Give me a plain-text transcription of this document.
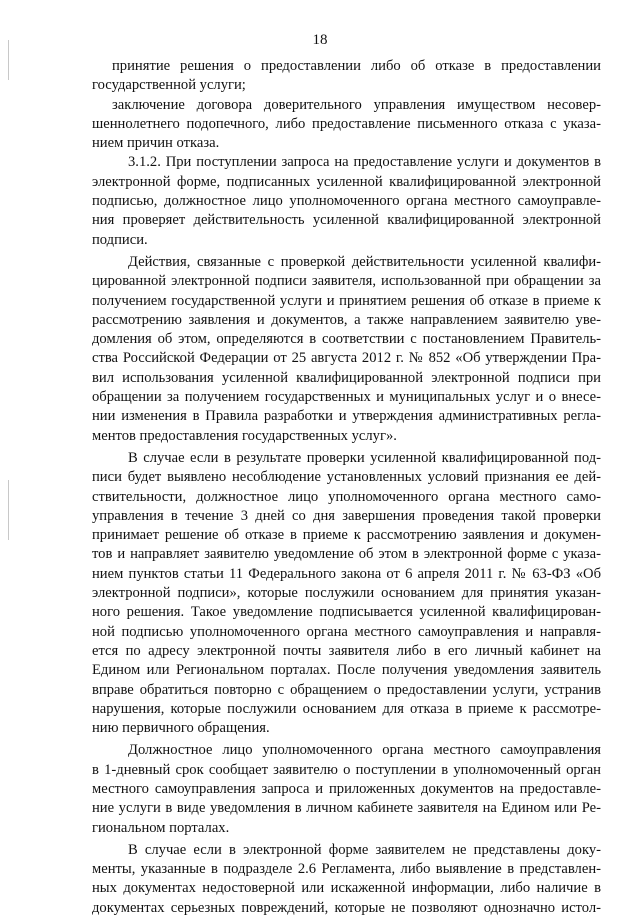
18
принятие решения о предоставлении либо об отказе в предоставлении
государственной услуги;
заключение договора доверительного управления имуществом несовер-
шеннолетнего подопечного, либо предоставление письменного отказа с указа-
нием причин отказа.
3.1.2. При поступлении запроса на предоставление услуги и документов в
электронной форме, подписанных усиленной квалифицированной электронной
подписью, должностное лицо уполномоченного органа местного самоуправле-
ния проверяет действительность усиленной квалифицированной электронной
подписи.
Действия, связанные с проверкой действительности усиленной квалифи-
цированной электронной подписи заявителя, использованной при обращении за
получением государственной услуги и принятием решения об отказе в приеме к
рассмотрению заявления и документов, а также направлением заявителю уве-
домления об этом, определяются в соответствии с постановлением Правитель-
ства Российской Федерации от 25 августа 2012 г. № 852 «Об утверждении Пра-
вил использования усиленной квалифицированной электронной подписи при
обращении за получением государственных и муниципальных услуг и о внесе-
нии изменения в Правила разработки и утверждения административных регла-
ментов предоставления государственных услуг».
В случае если в результате проверки усиленной квалифицированной под-
писи будет выявлено несоблюдение установленных условий признания ее дей-
ствительности, должностное лицо уполномоченного органа местного само-
управления в течение 3 дней со дня завершения проведения такой проверки
принимает решение об отказе в приеме к рассмотрению заявления и докумен-
тов и направляет заявителю уведомление об этом в электронной форме с указа-
нием пунктов статьи 11 Федерального закона от 6 апреля 2011 г. № 63-ФЗ «Об
электронной подписи», которые послужили основанием для принятия указан-
ного решения. Такое уведомление подписывается усиленной квалифицирован-
ной подписью уполномоченного органа местного самоуправления и направля-
ется по адресу электронной почты заявителя либо в его личный кабинет на
Едином или Региональном порталах. После получения уведомления заявитель
вправе обратиться повторно с обращением о предоставлении услуги, устранив
нарушения, которые послужили основанием для отказа в приеме к рассмотре-
нию первичного обращения.
Должностное лицо уполномоченного органа местного самоуправления
в 1-дневный срок сообщает заявителю о поступлении в уполномоченный орган
местного самоуправления запроса и приложенных документов на предоставле-
ние услуги в виде уведомления в личном кабинете заявителя на Едином или Ре-
гиональном порталах.
В случае если в электронной форме заявителем не представлены доку-
менты, указанные в подразделе 2.6 Регламента, либо выявление в представлен-
ных документах недостоверной или искаженной информации, либо наличие в
документах серьезных повреждений, которые не позволяют однозначно истол-
